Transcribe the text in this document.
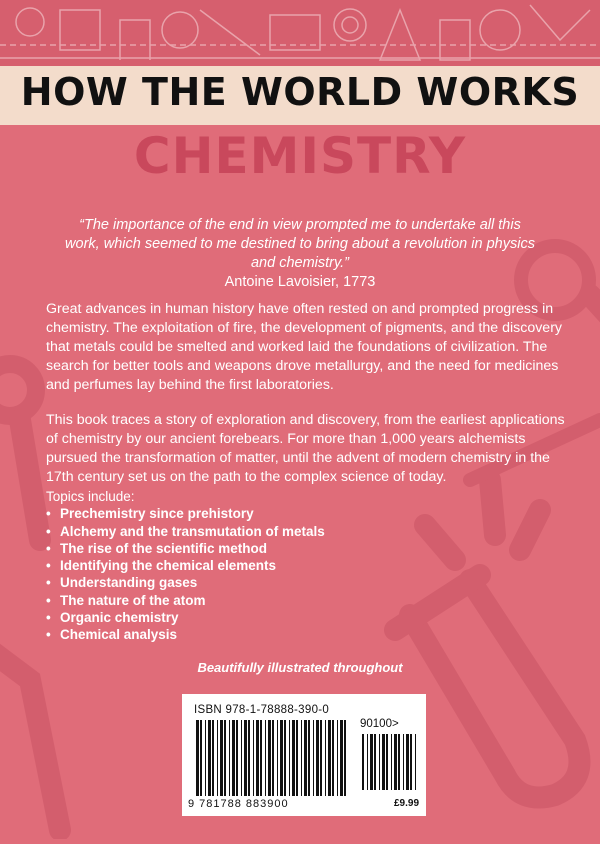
HOW THE WORLD WORKS
CHEMISTRY
“The importance of the end in view prompted me to undertake all this work, which seemed to me destined to bring about a revolution in physics and chemistry.”
Antoine Lavoisier, 1773

Great advances in human history have often rested on and prompted progress in chemistry. The exploitation of fire, the development of pigments, and the discovery that metals could be smelted and worked laid the foundations of civilization. The search for better tools and weapons drove metallurgy, and the need for medicines and perfumes lay behind the first laboratories.

This book traces a story of exploration and discovery, from the earliest applications of chemistry by our ancient forebears. For more than 1,000 years alchemists pursued the transformation of matter, until the advent of modern chemistry in the 17th century set us on the path to the complex science of today.

Topics include:
• Prechemistry since prehistory
• Alchemy and the transmutation of metals
• The rise of the scientific method
• Identifying the chemical elements
• Understanding gases
• The nature of the atom
• Organic chemistry
• Chemical analysis
Beautifully illustrated throughout
ISBN 978-1-78888-390-0
90100>
9 781788 883900	£9.99
